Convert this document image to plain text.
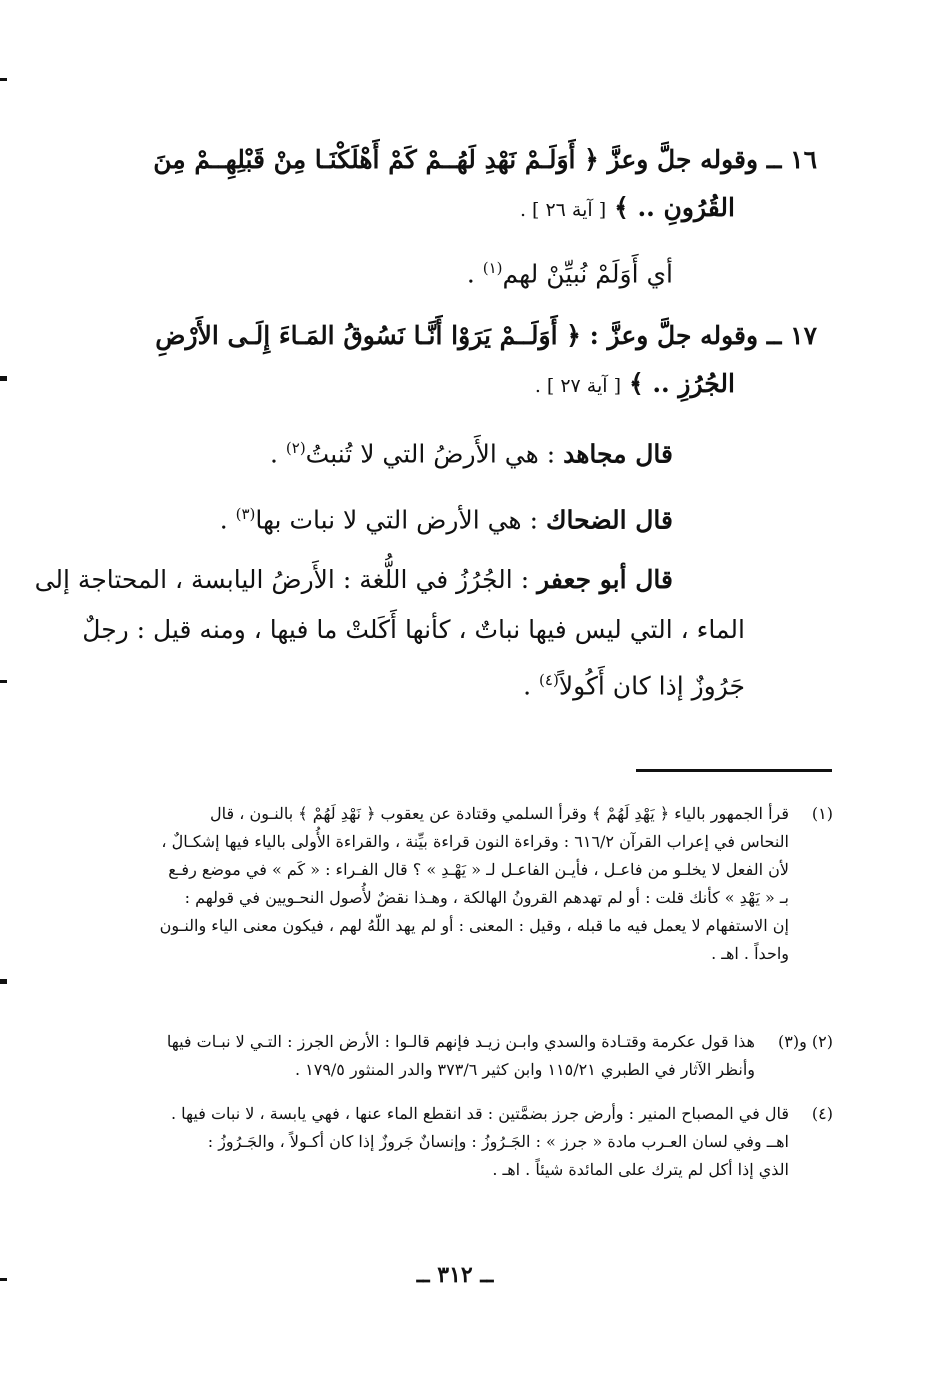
١٦ ــ وقوله جلَّ وعزَّ ﴿ أَوَلَـمْ نَهْدِ لَهُــمْ كَمْ أَهْلَكْنَـا مِنْ قَبْلِهِــمْ مِنَ
القُرُونِ .. ﴾ [ آية ٢٦ ] .
أي أَوَلَمْ نُبيِّنْ لهم$^{(١)}$ .
١٧ ــ وقوله جلَّ وعزَّ : ﴿ أَوَلَــمْ يَرَوْا أَنَّـا نَسُوقُ المَـاءَ إِلَـى الأَرْضِ
الجُرُزِ .. ﴾ [ آية ٢٧ ] .
قال مجاهد : هي الأَرضُ التي لا تُنبتُ$^{(٢)}$ .
قال الضحاك : هي الأرض التي لا نبات بها$^{(٣)}$ .
قال أبو جعفر : الجُرُزُ في اللُّغة : الأَرضُ اليابسة ، المحتاجة إلى
الماء ، التي ليس فيها نباتٌ ، كأنها أَكَلتْ ما فيها ، ومنه قيل : رجلٌ
جَرُوزٌ إذا كان أَكُولاً$^{(٤)}$ .
(١)
قرأ الجمهور بالياء ﴿ يَهْدِ لَهُمْ ﴾ وقرأ السلمي وقتادة عن يعقوب ﴿ نَهْدِ لَهُمْ ﴾ بالنـون ، قال
النحاس في إعراب القرآن ٦١٦/٢ : وقراءة النون قراءة بيِّنة ، والقراءة الأُولى بالياء فيها إشكـالٌ ،
لأن الفعل لا يخلـو من فاعـل ، فأيـن الفاعـل لـ « يَهْـدِ » ؟ قال الفـراء : « كَم » في موضع رفـع
بـ « يَهْدِ » كأنك قلت : أو لم تهدهم القرونُ الهالكة ، وهـذا نقضٌ لأُصول النحـويين في قولهم :
إن الاستفهام لا يعمل فيه ما قبله ، وقيل : المعنى : أو لم يهد اللّهُ لهم ، فيكون معنى الياء والنـون
واحداً . اهـ .
(٢) و(٣)
هذا قول عكرمة وقتـادة والسدي وابـن زيـد فإنهم قالـوا : الأرض الجرز : التـي لا نبـات فيها
وأنظر الآثار في الطبري ١١٥/٢١ وابن كثير ٣٧٣/٦ والدر المنثور ١٧٩/٥ .
(٤)
قال في المصباح المنير : وأرض جرز بضمَّتين : قد انقطع الماء عنها ، فهي يابسة ، لا نبات فيها .
اهــ وفي لسان العـرب مادة « جرز » : الجَـرُوزُ : وإنسانٌ جَروزٌ إذا كان أكـولاً ، والجَـرُوزُ :
الذي إذا أكل لم يترك على المائدة شيئاً . اهـ .
ــ ٣١٢ ــ
